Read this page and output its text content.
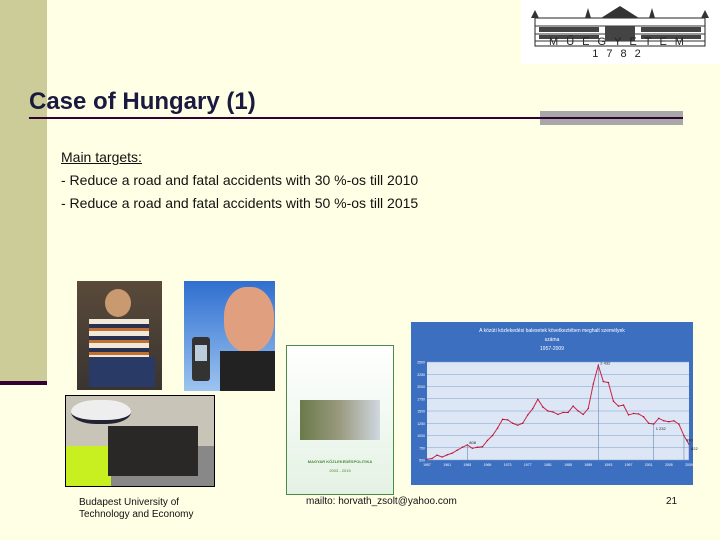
MŰEGYETEM 1782
Case of Hungary (1)
Main targets:
- Reduce a road and fatal accidents with 30 %-os till 2010
- Reduce a road and fatal accidents with 50 %-os till 2015
MAGYAR KÖZLEKEDÉSPOLITIKA
2003 - 2015
A közúti közlekedési balesetek következtében meghalt személyek
száma
1957-2009
500
750
1000
1250
1500
1750
2000
2250
2500
1957	1961	1965	1969	1973	1977	1981	1985	1989	1993	1997	2001	2005	2009
808
2 432
1 232
996
822
Budapest University of
Technology and Economy
mailto: horvath_zsolt@yahoo.com	21
